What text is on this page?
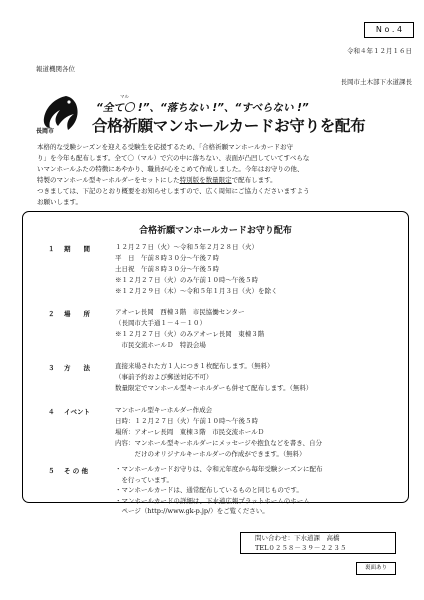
N o . 4
令和４年１２月１６日
報道機関各位
長岡市土木部下水道課長
長岡市
マル
“全て〇 !”、“落ちない !”、“すべらない !”
合格祈願マンホールカードお守りを配布
本格的な受験シーズンを迎える受験生を応援するため、「合格祈願マンホールカードお守
り」を今年も配布します。全て〇（マル）で穴の中に落ちない、表面が凸凹していてすべらな
いマンホールふたの特徴にあやかり、職員が心をこめて作成しました。今年はお守りの他、
特製のマンホール型キーホルダーをセットにした特別版を数量限定で配布します。
つきましては、下記のとおり概要をお知らせしますので、広く周知にご協力くださいますよう
お願いします。
合格祈願マンホールカードお守り配布
１ 期　　間	１２月２７日（火）～令和５年２月２８日（火）
平　日　午前８時３０分～午後７時
土日祝　午前８時３０分～午後５時
※１２月２７日（火）のみ午前１０時～午後５時
※１２月２９日（木）～令和５年１月３日（火）を除く
２ 場　　所	アオーレ長岡　西棟３階　市民協働センター
（長岡市大手通１－４－１０）
※１２月２７日（火）のみアオーレ長岡　東棟３階
　市民交流ホールＤ　特設会場
３ 方　　法	直接来場された方１人につき１枚配布します。（無料）
（事前予約および郵送対応不可）
数量限定でマンホール型キーホルダーも併せて配布します。（無料）
４ イベント	マンホール型キーホルダー作成会
日時：１２月２７日（火）午前１０時～午後５時
場所：アオーレ長岡　東棟３階　市民交流ホールＤ
内容：マンホール型キーホルダーにメッセージや抱負などを書き、自分
　　　だけのオリジナルキーホルダーの作成ができます。（無料）
５ そ の 他	・マンホールカードお守りは、令和元年度から毎年受験シーズンに配布
　を行っています。
・マンホールカードは、通常配布しているものと同じものです。
・マンホールカードの詳細は、下水道広報プラットホームのホーム
　ページ（http://www.gk-p.jp/）をご覧ください。
問い合わせ：下水道課　高橋
TEL０２５８－３９－２２３５
裏面あり
